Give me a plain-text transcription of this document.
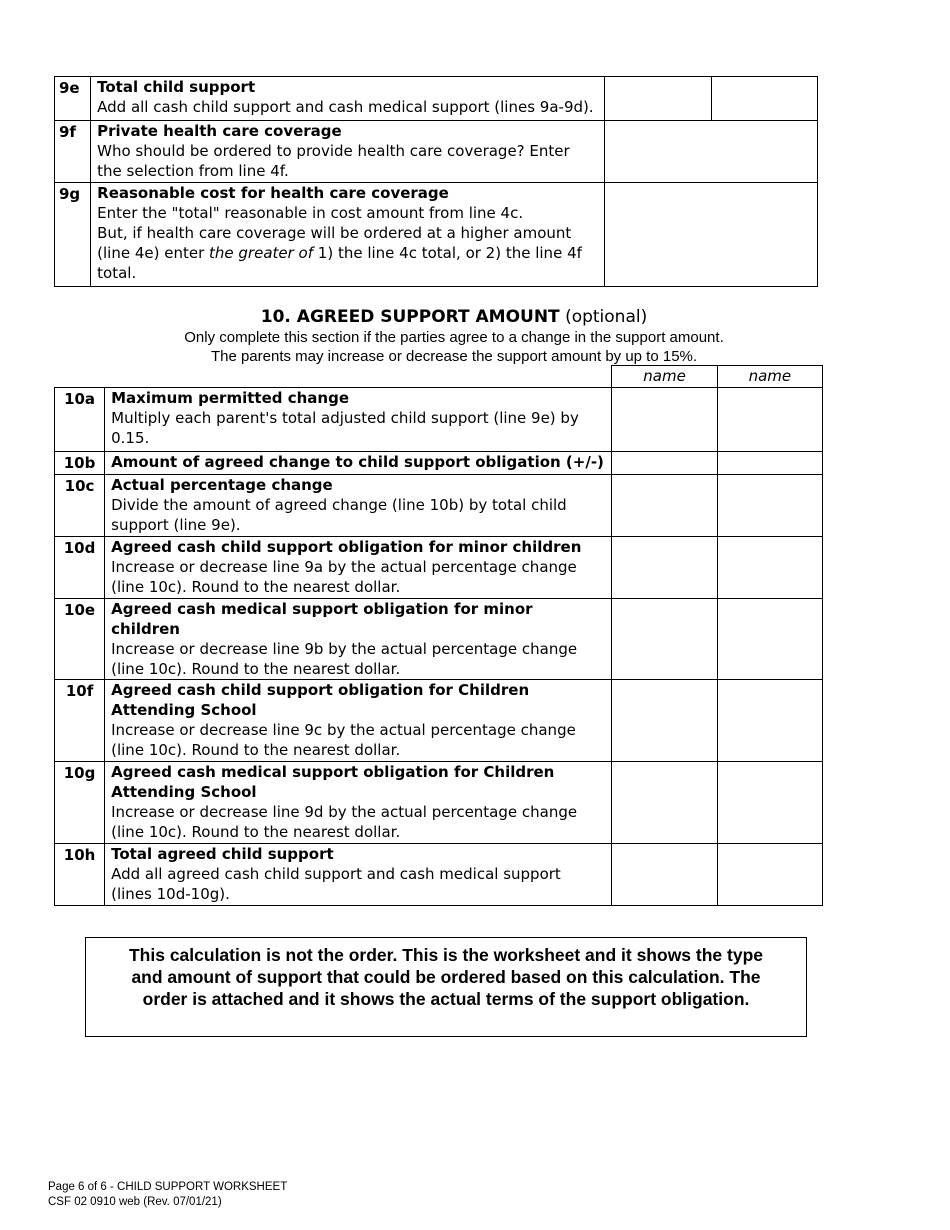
9e	Total child support
Add all cash child support and cash medical support (lines 9a-9d).		

9f	Private health care coverage
Who should be ordered to provide health care coverage? Enter the selection from line 4f.		

9g	Reasonable cost for health care coverage
Enter the "total" reasonable in cost amount from line 4c.
But, if health care coverage will be ordered at a higher amount (line 4e) enter the greater of 1) the line 4c total, or 2) the line 4f total.		

10. AGREED SUPPORT AMOUNT (optional)
Only complete this section if the parties agree to a change in the support amount.
The parents may increase or decrease the support amount by up to 15%.
		name	name
10a	Maximum permitted change
Multiply each parent's total adjusted child support (line 9e) by 0.15.		

10b	Amount of agreed change to child support obligation (+/-)		

10c	Actual percentage change
Divide the amount of agreed change (line 10b) by total child support (line 9e).		

10d	Agreed cash child support obligation for minor children
Increase or decrease line 9a by the actual percentage change (line 10c). Round to the nearest dollar.		

10e	Agreed cash medical support obligation for minor children
Increase or decrease line 9b by the actual percentage change (line 10c). Round to the nearest dollar.		

10f	Agreed cash child support obligation for Children Attending School
Increase or decrease line 9c by the actual percentage change (line 10c). Round to the nearest dollar.		

10g	Agreed cash medical support obligation for Children Attending School
Increase or decrease line 9d by the actual percentage change (line 10c). Round to the nearest dollar.		

10h	Total agreed child support
Add all agreed cash child support and cash medical support (lines 10d-10g).		

This calculation is not the order. This is the worksheet and it shows the type and amount of support that could be ordered based on this calculation. The order is attached and it shows the actual terms of the support obligation.
Page 6 of 6 - CHILD SUPPORT WORKSHEET
CSF 02 0910 web (Rev. 07/01/21)
